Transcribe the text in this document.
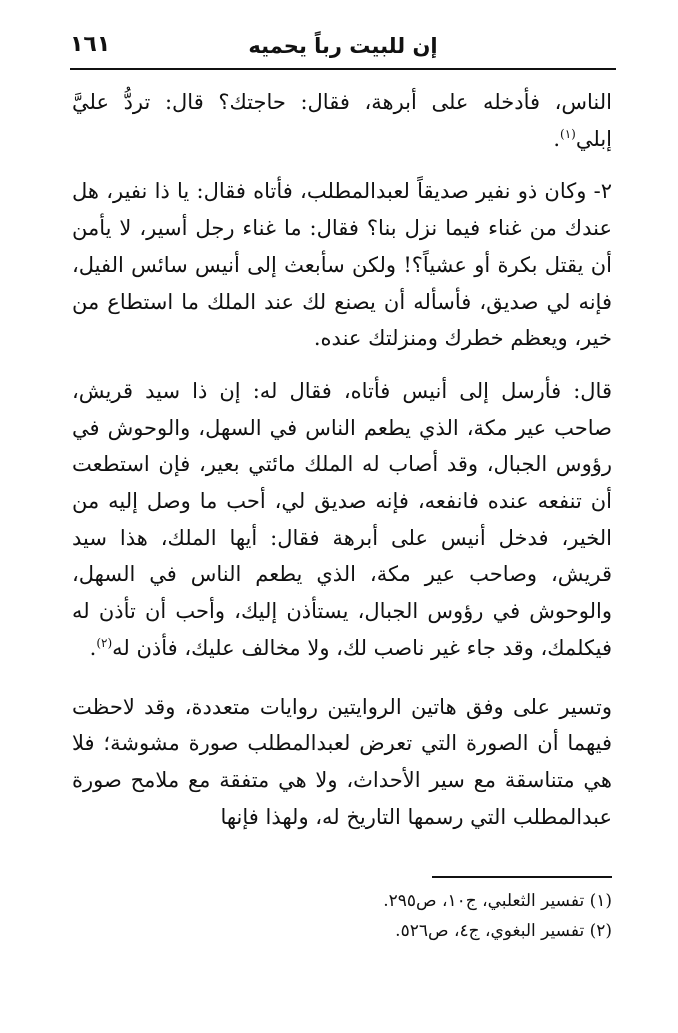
إن للبيت رباً يحميه
١٦١

الناس، فأدخله على أبرهة، فقال: حاجتك؟ قال: تردُّ عليَّ إبلي$^{(١)}$.

٢- وكان ذو نفير صديقاً لعبدالمطلب، فأتاه فقال: يا ذا نفير، هل عندك من غناء فيما نزل بنا؟ فقال: ما غناء رجل أسير، لا يأمن أن يقتل بكرة أو عشياً؟! ولكن سأبعث إلى أنيس سائس الفيل، فإنه لي صديق، فأسأله أن يصنع لك عند الملك ما استطاع من خير، ويعظم خطرك ومنزلتك عنده.

قال: فأرسل إلى أنيس فأتاه، فقال له: إن ذا سيد قريش، صاحب عير مكة، الذي يطعم الناس في السهل، والوحوش في رؤوس الجبال، وقد أصاب له الملك مائتي بعير، فإن استطعت أن تنفعه عنده فانفعه، فإنه صديق لي، أحب ما وصل إليه من الخير، فدخل أنيس على أبرهة فقال: أيها الملك، هذا سيد قريش، وصاحب عير مكة، الذي يطعم الناس في السهل، والوحوش في رؤوس الجبال، يستأذن إليك، وأحب أن تأذن له فيكلمك، وقد جاء غير ناصب لك، ولا مخالف عليك، فأذن له$^{(٢)}$.

وتسير على وفق هاتين الروايتين روايات متعددة، وقد لاحظت فيهما أن الصورة التي تعرض لعبدالمطلب صورة مشوشة؛ فلا هي متناسقة مع سير الأحداث، ولا هي متفقة مع ملامح صورة عبدالمطلب التي رسمها التاريخ له، ولهذا فإنها

(١) تفسير الثعلبي، ج١٠، ص٢٩٥.

(٢) تفسير البغوي، ج٤، ص٥٢٦.
